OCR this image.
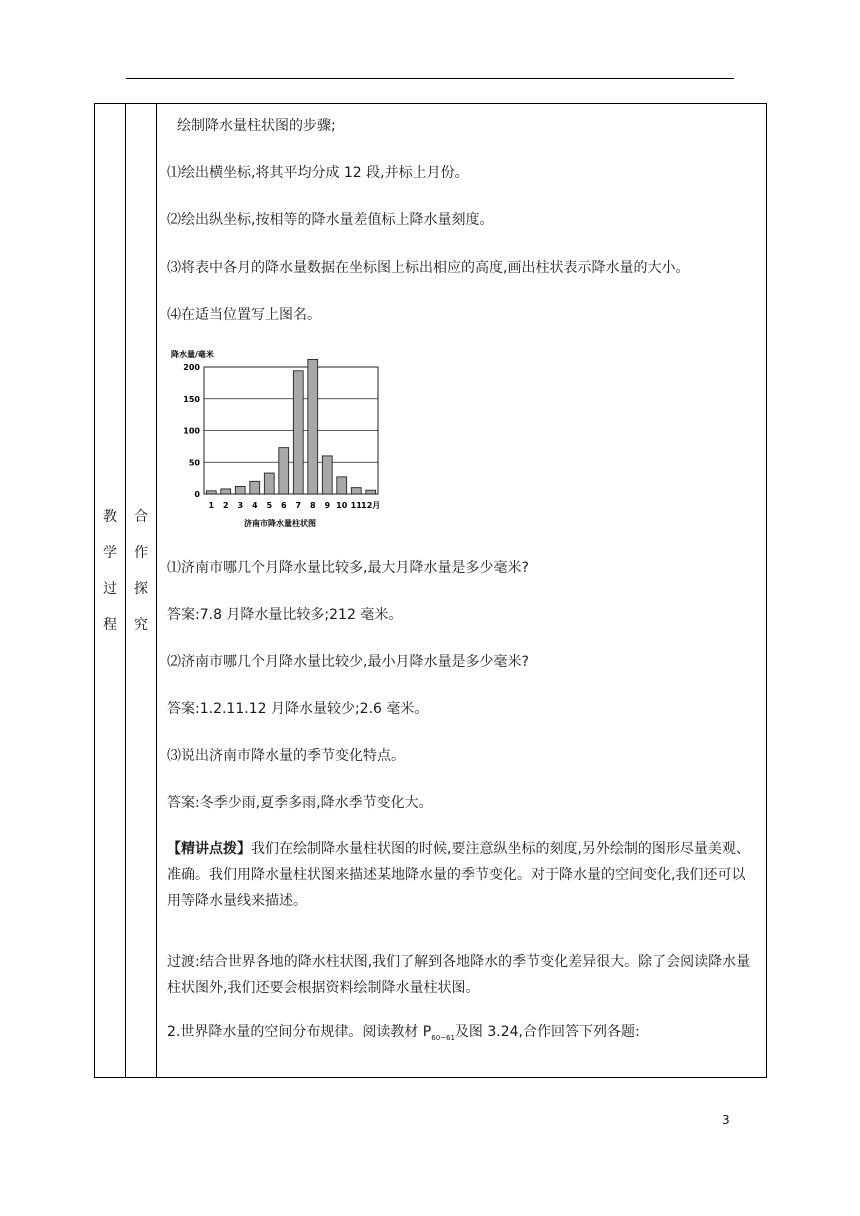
教
学
过
程
合
作
探
究
绘制降水量柱状图的步骤;
⑴绘出横坐标,将其平均分成 12 段,并标上月份。
⑵绘出纵坐标,按相等的降水量差值标上降水量刻度。
⑶将表中各月的降水量数据在坐标图上标出相应的高度,画出柱状表示降水量的大小。
⑷在适当位置写上图名。
降水量/毫米
0
50
100
150
200
1 2 3 4 5 6 7 8 9 10 11 12月
济南市降水量柱状图
⑴济南市哪几个月降水量比较多,最大月降水量是多少毫米?
答案:7.8 月降水量比较多;212 毫米。
⑵济南市哪几个月降水量比较少,最小月降水量是多少毫米?
答案:1.2.11.12 月降水量较少;2.6 毫米。
⑶说出济南市降水量的季节变化特点。
答案:冬季少雨,夏季多雨,降水季节变化大。
【精讲点拨】我们在绘制降水量柱状图的时候,要注意纵坐标的刻度,另外绘制的图形尽量美观、准确。我们用降水量柱状图来描述某地降水量的季节变化。对于降水量的空间变化,我们还可以用等降水量线来描述。
过渡:结合世界各地的降水柱状图,我们了解到各地降水的季节变化差异很大。除了会阅读降水量柱状图外,我们还要会根据资料绘制降水量柱状图。
2.世界降水量的空间分布规律。阅读教材 $P_{60\sim 61}$及图 3.24,合作回答下列各题:
3
